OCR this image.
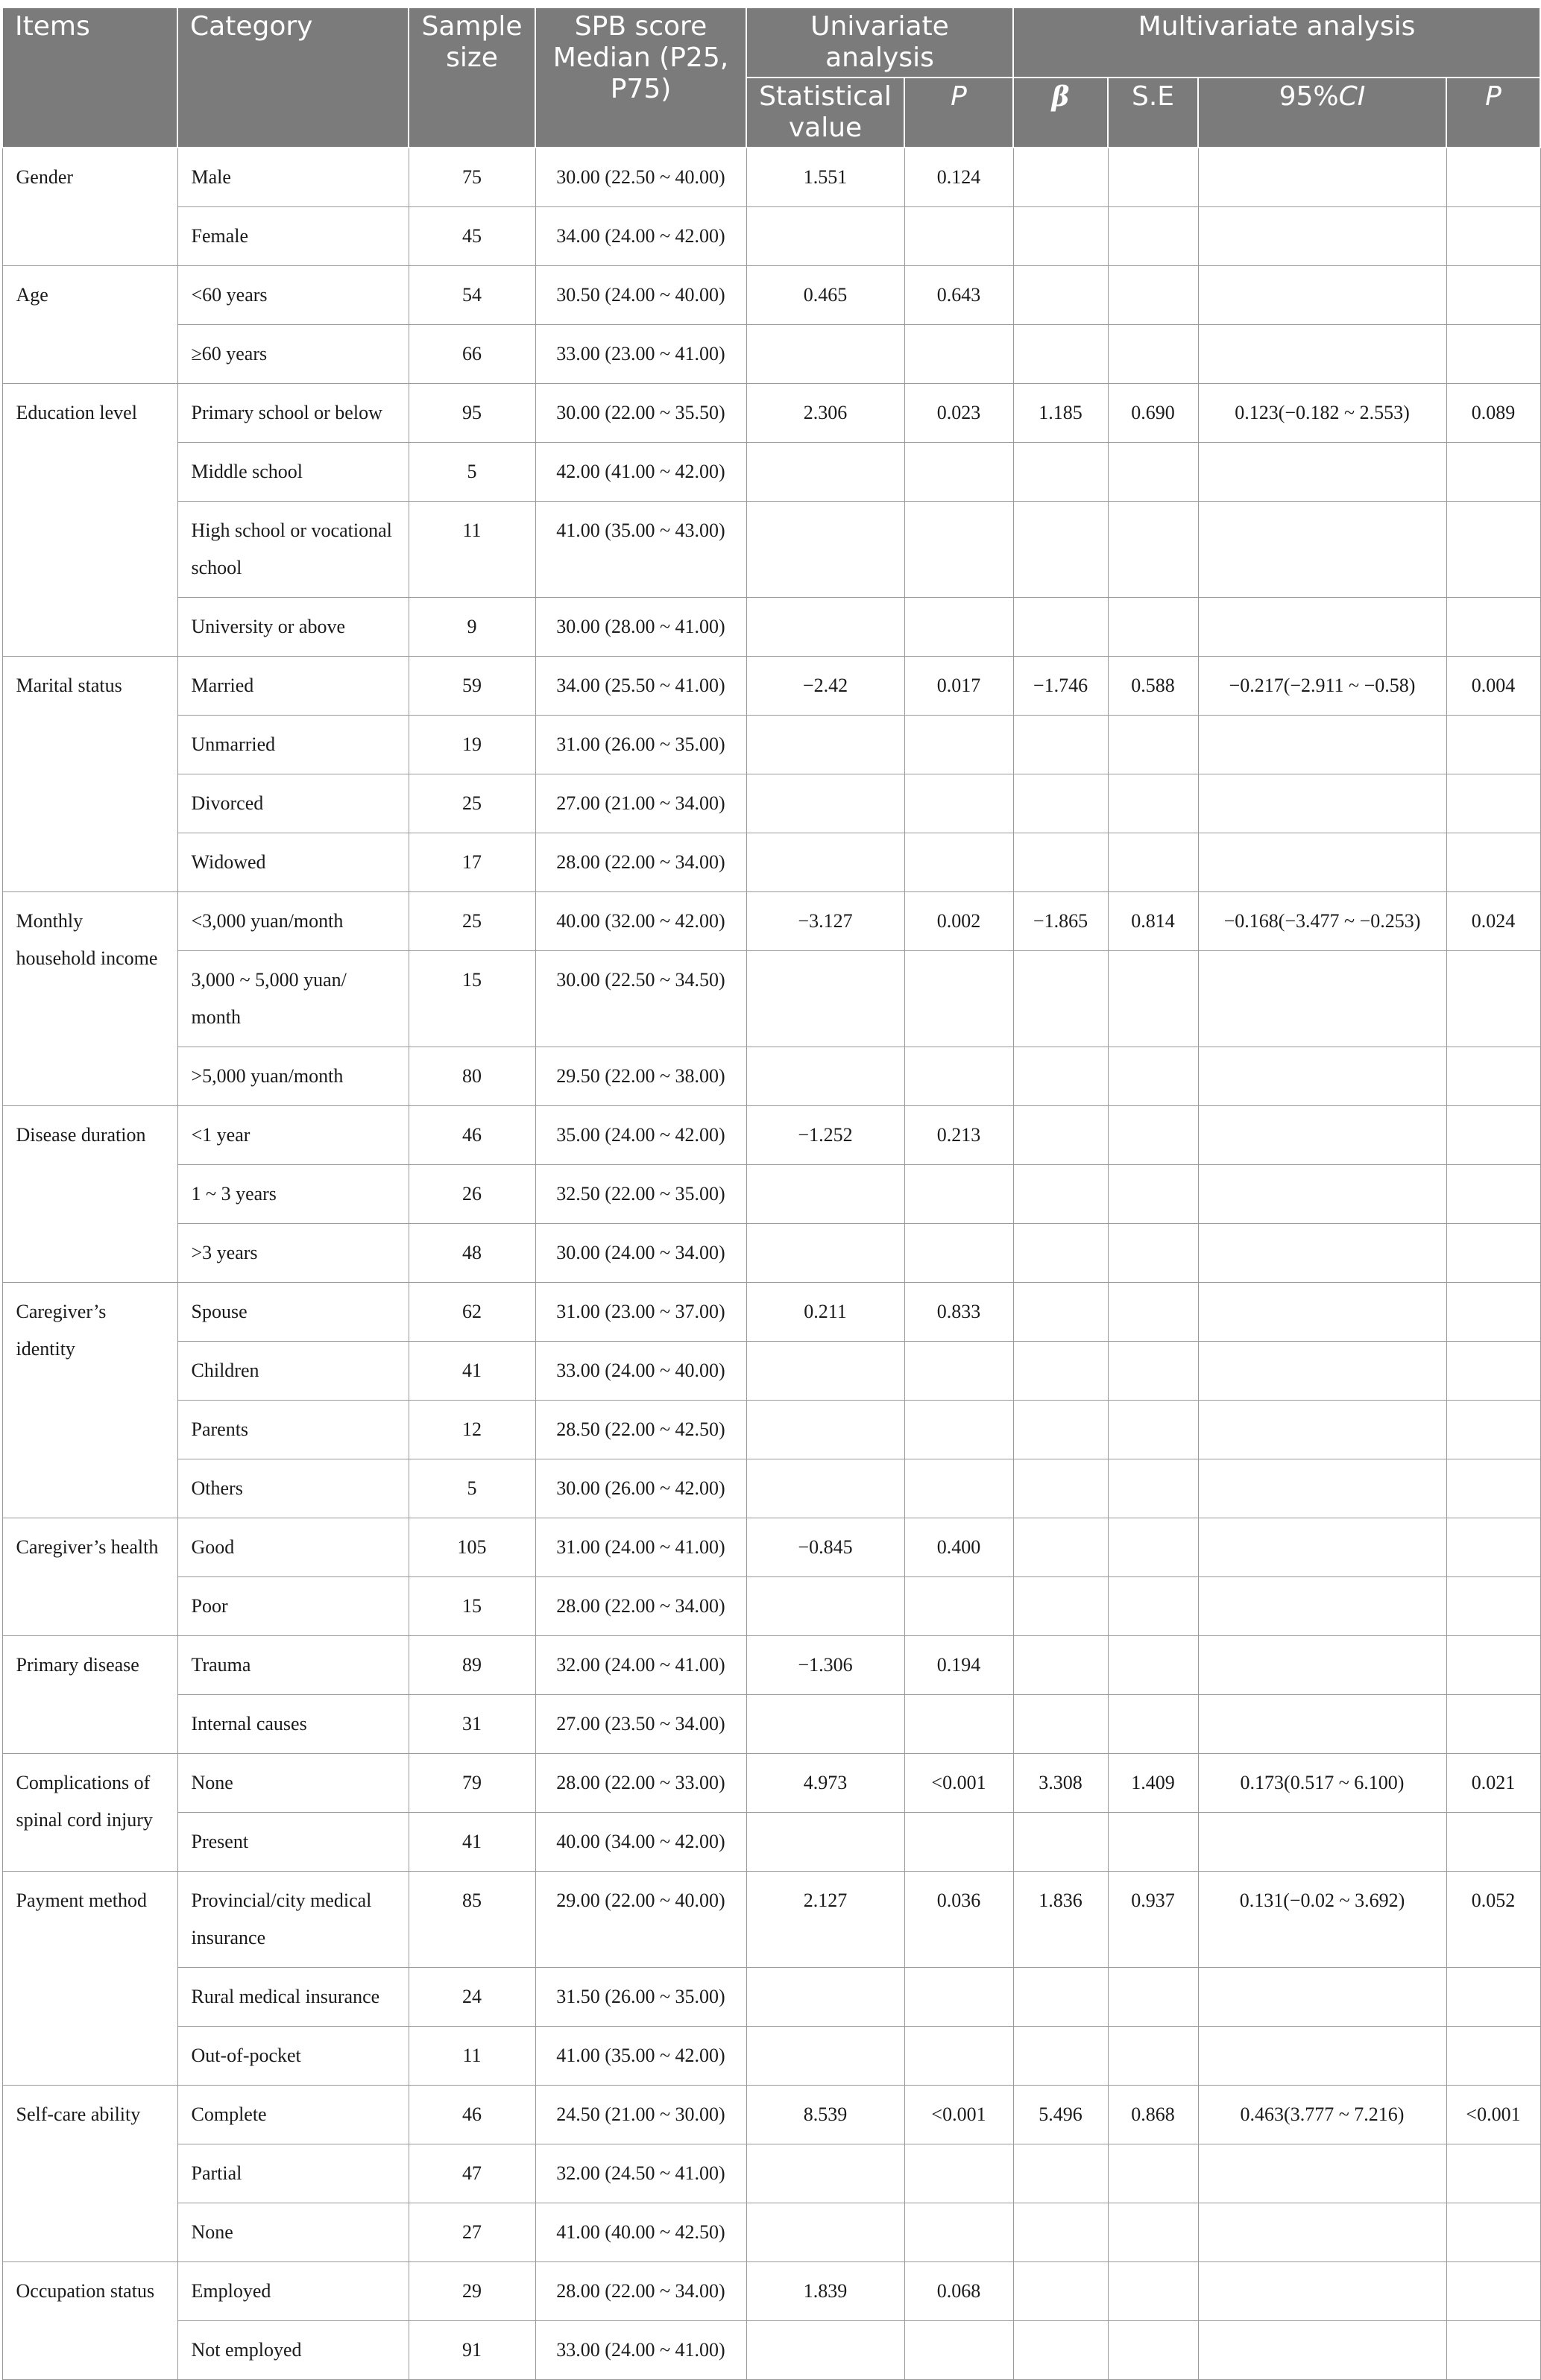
Items	Category	Sample size	SPB score Median (P25, P75)	Univariate analysis		Multivariate analysis			
				Statistical value	P	β	S.E	95%CI	P
Gender	Male	75	30.00 (22.50 ~ 40.00)	1.551	0.124				
	Female	45	34.00 (24.00 ~ 42.00)						
Age	<60 years	54	30.50 (24.00 ~ 40.00)	0.465	0.643				
	≥60 years	66	33.00 (23.00 ~ 41.00)						
Education level	Primary school or below	95	30.00 (22.00 ~ 35.50)	2.306	0.023	1.185	0.690	0.123(−0.182 ~ 2.553)	0.089
	Middle school	5	42.00 (41.00 ~ 42.00)						
	High school or vocational school	11	41.00 (35.00 ~ 43.00)						
	University or above	9	30.00 (28.00 ~ 41.00)						
Marital status	Married	59	34.00 (25.50 ~ 41.00)	−2.42	0.017	−1.746	0.588	−0.217(−2.911 ~ −0.58)	0.004
	Unmarried	19	31.00 (26.00 ~ 35.00)						
	Divorced	25	27.00 (21.00 ~ 34.00)						
	Widowed	17	28.00 (22.00 ~ 34.00)						
Monthly household income	<3,000 yuan/month	25	40.00 (32.00 ~ 42.00)	−3.127	0.002	−1.865	0.814	−0.168(−3.477 ~ −0.253)	0.024
	3,000 ~ 5,000 yuan/ month	15	30.00 (22.50 ~ 34.50)						
	>5,000 yuan/month	80	29.50 (22.00 ~ 38.00)						
Disease duration	<1 year	46	35.00 (24.00 ~ 42.00)	−1.252	0.213				
	1 ~ 3 years	26	32.50 (22.00 ~ 35.00)						
	>3 years	48	30.00 (24.00 ~ 34.00)						
Caregiver’s identity	Spouse	62	31.00 (23.00 ~ 37.00)	0.211	0.833				
	Children	41	33.00 (24.00 ~ 40.00)						
	Parents	12	28.50 (22.00 ~ 42.50)						
	Others	5	30.00 (26.00 ~ 42.00)						
Caregiver’s health	Good	105	31.00 (24.00 ~ 41.00)	−0.845	0.400				
	Poor	15	28.00 (22.00 ~ 34.00)						
Primary disease	Trauma	89	32.00 (24.00 ~ 41.00)	−1.306	0.194				
	Internal causes	31	27.00 (23.50 ~ 34.00)						
Complications of spinal cord injury	None	79	28.00 (22.00 ~ 33.00)	4.973	<0.001	3.308	1.409	0.173(0.517 ~ 6.100)	0.021
	Present	41	40.00 (34.00 ~ 42.00)						
Payment method	Provincial/city medical insurance	85	29.00 (22.00 ~ 40.00)	2.127	0.036	1.836	0.937	0.131(−0.02 ~ 3.692)	0.052
	Rural medical insurance	24	31.50 (26.00 ~ 35.00)						
	Out-of-pocket	11	41.00 (35.00 ~ 42.00)						
Self-care ability	Complete	46	24.50 (21.00 ~ 30.00)	8.539	<0.001	5.496	0.868	0.463(3.777 ~ 7.216)	<0.001
	Partial	47	32.00 (24.50 ~ 41.00)						
	None	27	41.00 (40.00 ~ 42.50)						
Occupation status	Employed	29	28.00 (22.00 ~ 34.00)	1.839	0.068				
	Not employed	91	33.00 (24.00 ~ 41.00)						
